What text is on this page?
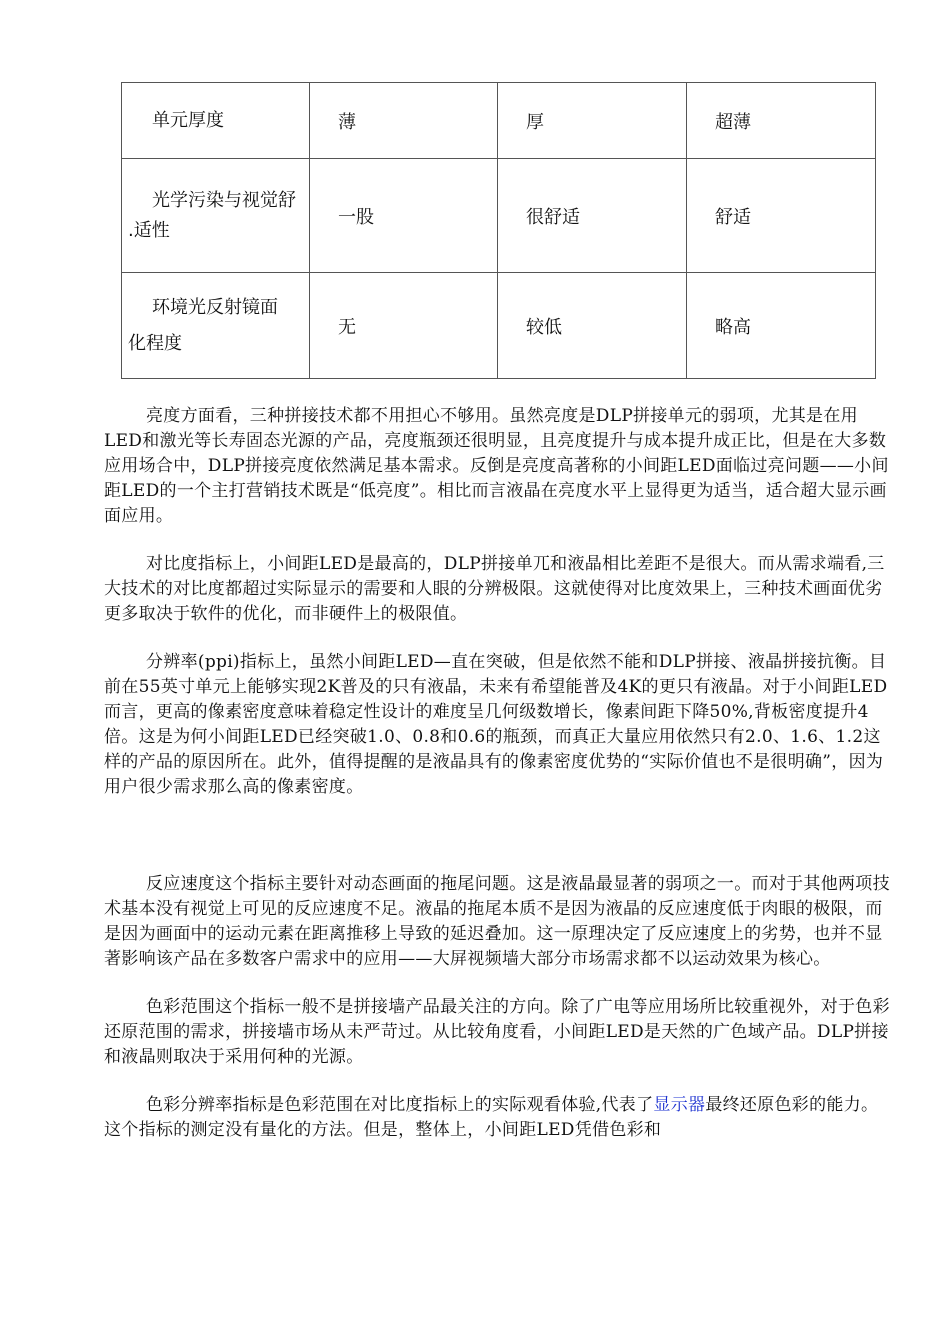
单元厚度	薄	厚	超薄

光学污染与视觉舒
.适性	一股	很舒适	舒适

环境光反射镜面
化程度	无	较低	略高

亮度方面看，三种拼接技术都不用担心不够用。虽然亮度是DLP拼接单元的弱项，尤其是在用LED和激光等长寿固态光源的产品，亮度瓶颈还很明显，且亮度提升与成本提升成正比，但是在大多数应用场合中，DLP拼接亮度依然满足基本需求。反倒是亮度高著称的小间距LED面临过亮问题——小间距LED的一个主打营销技术既是“低亮度”。相比而言液晶在亮度水平上显得更为适当，适合超大显示画面应用。

对比度指标上，小间距LED是最高的，DLP拼接单兀和液晶相比差距不是很大。而从需求端看,三大技术的对比度都超过实际显示的需要和人眼的分辨极限。这就使得对比度效果上，三种技术画面优劣更多取决于软件的优化，而非硬件上的极限值。

分辨率(ppi)指标上，虽然小间距LED—直在突破，但是依然不能和DLP拼接、液晶拼接抗衡。目前在55英寸单元上能够实现2K普及的只有液晶，未来有希望能普及4K的更只有液晶。对于小间距LED而言，更高的像素密度意味着稳定性设计的难度呈几何级数增长，像素间距下降50%,背板密度提升4倍。这是为何小间距LED已经突破1.0、0.8和0.6的瓶颈，而真正大量应用依然只有2.0、1.6、1.2这样的产品的原因所在。此外，值得提醒的是液晶具有的像素密度优势的“实际价值也不是很明确”，因为用户很少需求那么高的像素密度。

反应速度这个指标主要针对动态画面的拖尾问题。这是液晶最显著的弱项之一。而对于其他两项技术基本没有视觉上可见的反应速度不足。液晶的拖尾本质不是因为液晶的反应速度低于肉眼的极限，而是因为画面中的运动元素在距离推移上导致的延迟叠加。这一原理决定了反应速度上的劣势，也并不显著影响该产品在多数客户需求中的应用——大屏视频墙大部分市场需求都不以运动效果为核心。

色彩范围这个指标一般不是拼接墙产品最关注的方向。除了广电等应用场所比较重视外，对于色彩还原范围的需求，拼接墙市场从未严苛过。从比较角度看，小间距LED是天然的广色域产品。DLP拼接和液晶则取决于采用何种的光源。

色彩分辨率指标是色彩范围在对比度指标上的实际观看体验,代表了显示器最终还原色彩的能力。这个指标的测定没有量化的方法。但是，整体上，小间距LED凭借色彩和
